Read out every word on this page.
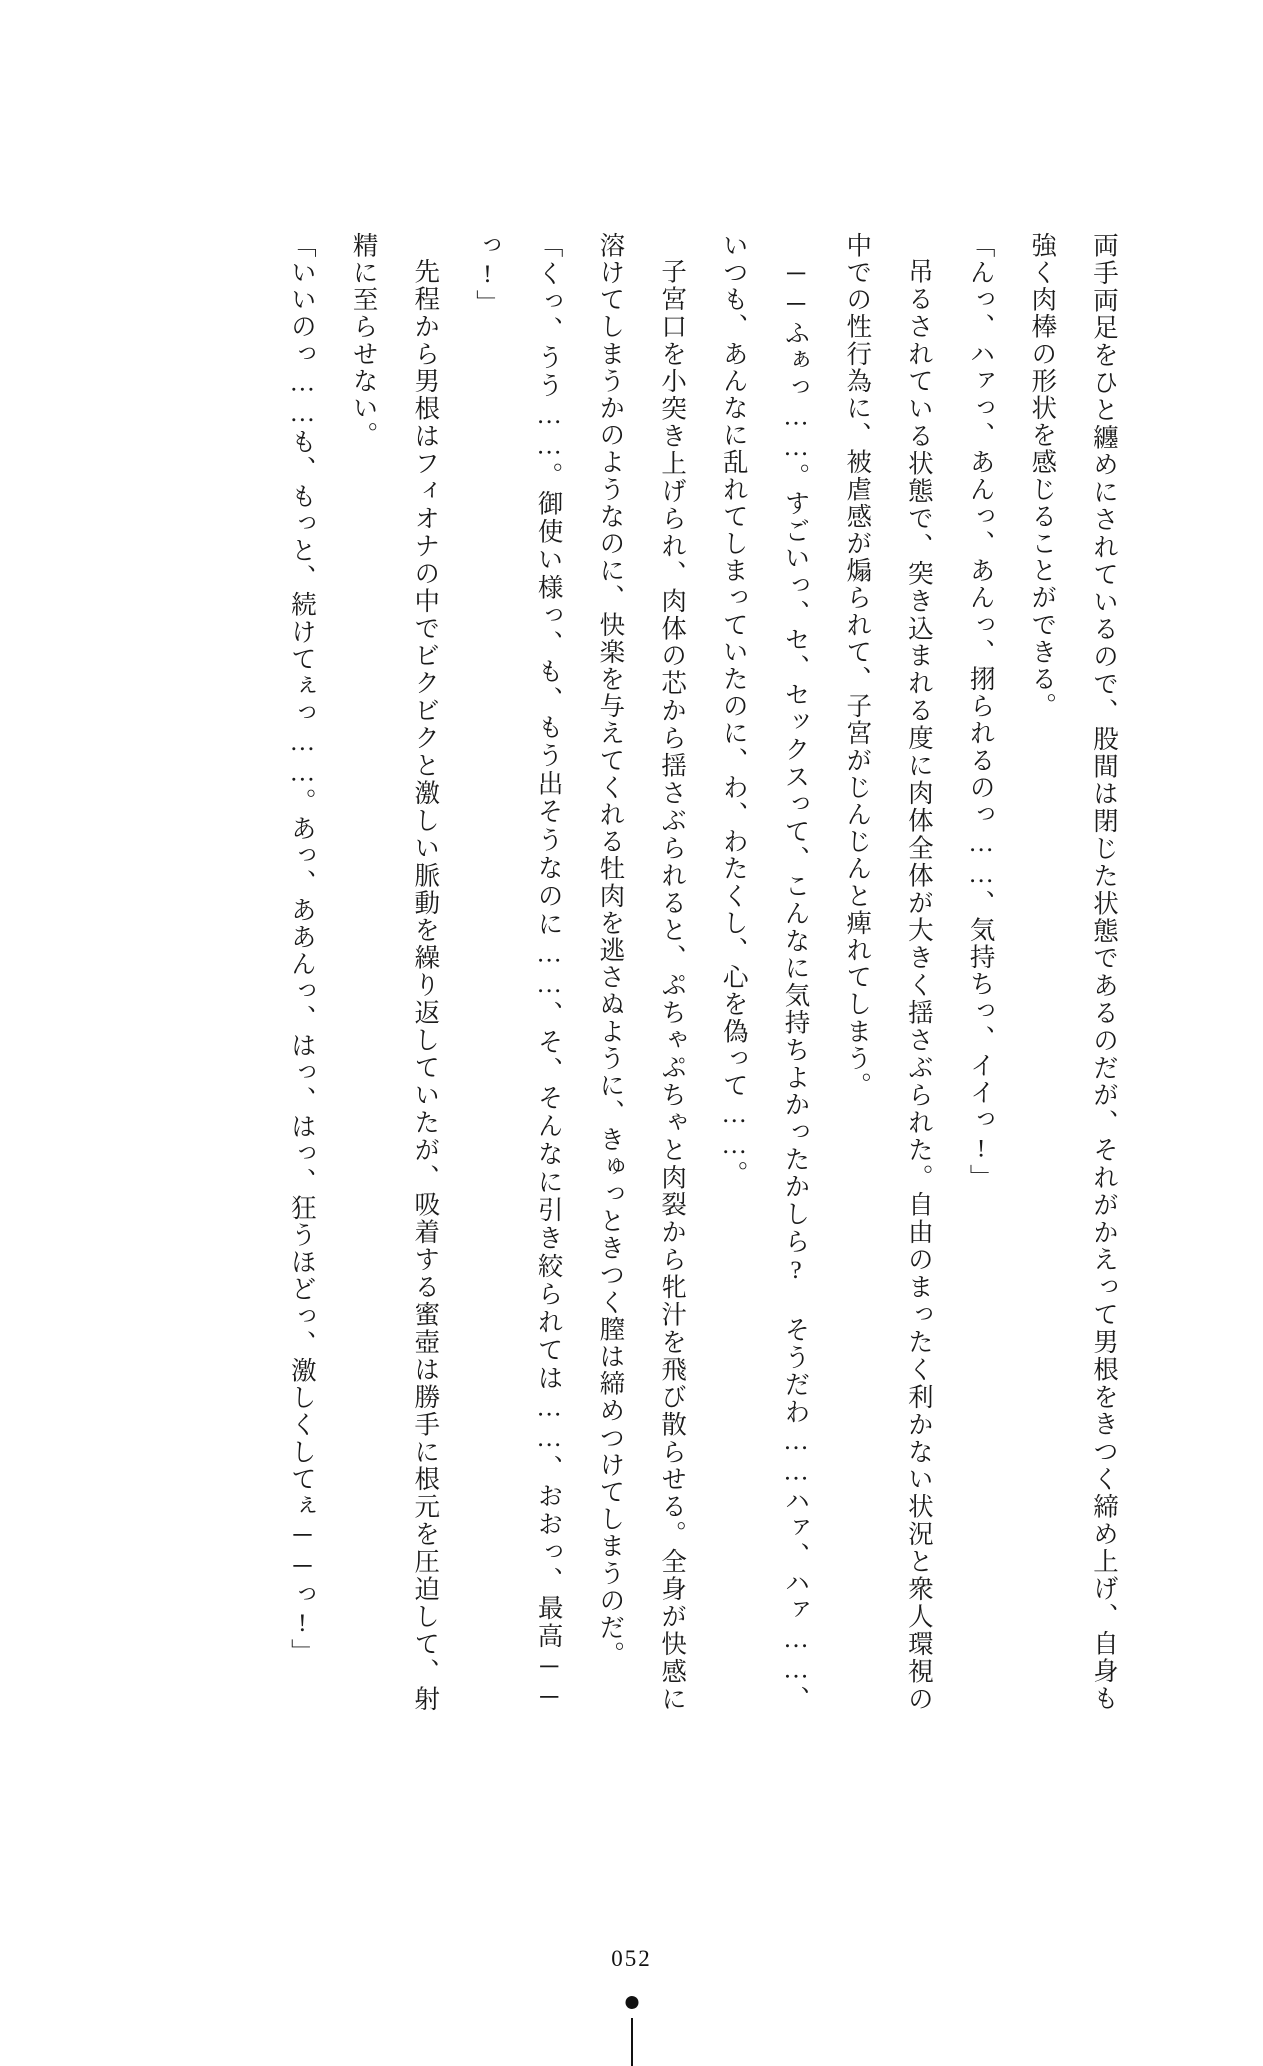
両手両足をひと纏めにされているので、股間は閉じた状態であるのだが、それがかえって男根をきつく締め上げ、自身も強く肉棒の形状を感じることができる。

「んっ、ハァっ、あんっ、あんっ、挧られるのっ……、気持ちっ、イイっ!」

吊るされている状態で、突き込まれる度に肉体全体が大きく揺さぶられた。自由のまったく利かない状況と衆人環視の中での性行為に、被虐感が煽られて、子宮がじんじんと痺れてしまう。

──ふぁっ……。すごいっ、セ、セックスって、こんなに気持ちよかったかしら? そうだわ……ハァ、ハァ……、いつも、あんなに乱れてしまっていたのに、わ、わたくし、心を偽って……。

子宮口を小突き上げられ、肉体の芯から揺さぶられると、ぷちゃぷちゃと肉裂から牝汁を飛び散らせる。全身が快感に溶けてしまうかのようなのに、快楽を与えてくれる牡肉を逃さぬように、きゅっときつく膣は締めつけてしまうのだ。

「くっ、うう……。御使い様っ、も、もう出そうなのに……、そ、そんなに引き絞られては……、おおっ、最高──っ!」

先程から男根はフィオナの中でビクビクと激しい脈動を繰り返していたが、吸着する蜜壺は勝手に根元を圧迫して、射精に至らせない。

「いいのっ……も、もっと、続けてぇっ……。あっ、ああんっ、はっ、はっ、狂うほどっ、激しくしてぇ──っ!」

052
